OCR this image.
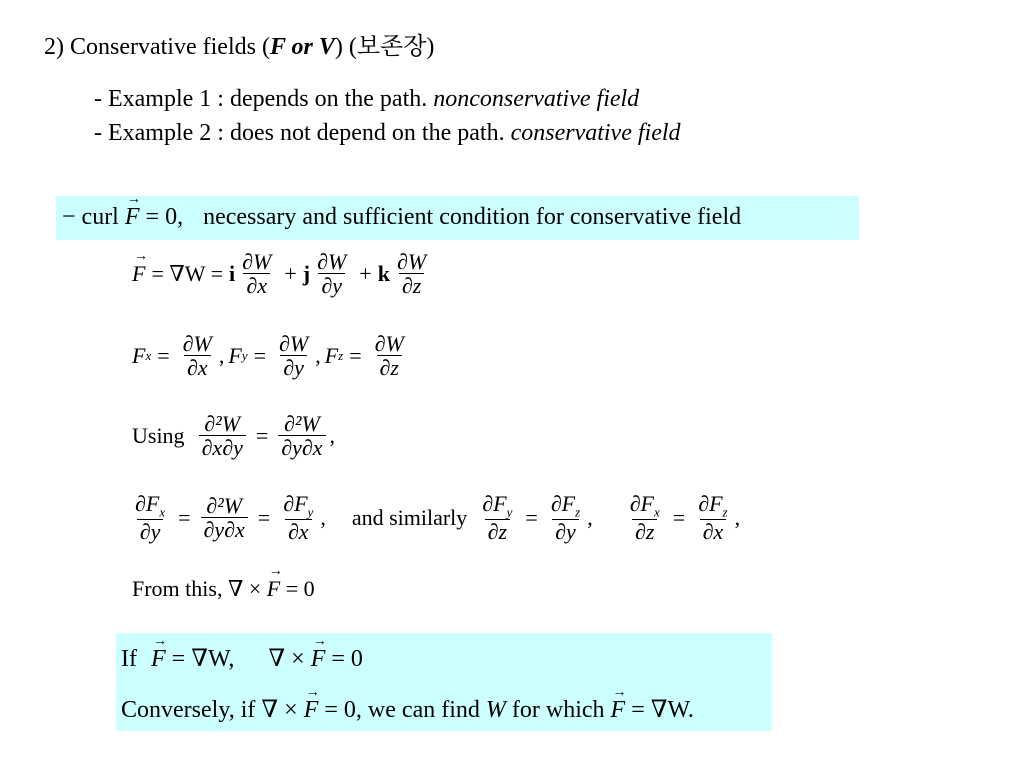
2) Conservative fields (F or V) (보존장)
- Example 1 : depends on the path. nonconservative field
- Example 2 : does not depend on the path. conservative field
− curl → F = 0, necessary and sufficient condition for conservative field
→ F = ∇W = i $\frac{\partial W}{\partial x} + j \frac{\partial W}{\partial y} + k \frac{\partial W}{\partial z}$
F $x = \frac{\partial W}{\partial x}$ , F $y = \frac{\partial W}{\partial y}$ , F $z = \frac{\partial W}{\partial z}$
Using $\frac{\text{∂²W}}{\partial x\partial y} = \frac{\text{∂²W}}{\partial y\partial x}$ ,
$\frac{\partial F_x}{\partial y} = \frac{\text{∂²W}}{\partial y\partial x} = \frac{\partial F_y}{\partial x}$ , and similarly $\frac{\partial F_y}{\partial z} = \frac{\partial F_z}{\partial y}$ , $\frac{\partial F_x}{\partial z} = \frac{\partial F_z}{\partial x}$ ,
From this, ∇ × → F = 0
If → F = ∇W, ∇ × → F = 0
Conversely, if ∇ × → F = 0, we can find W for which → F = ∇W.
